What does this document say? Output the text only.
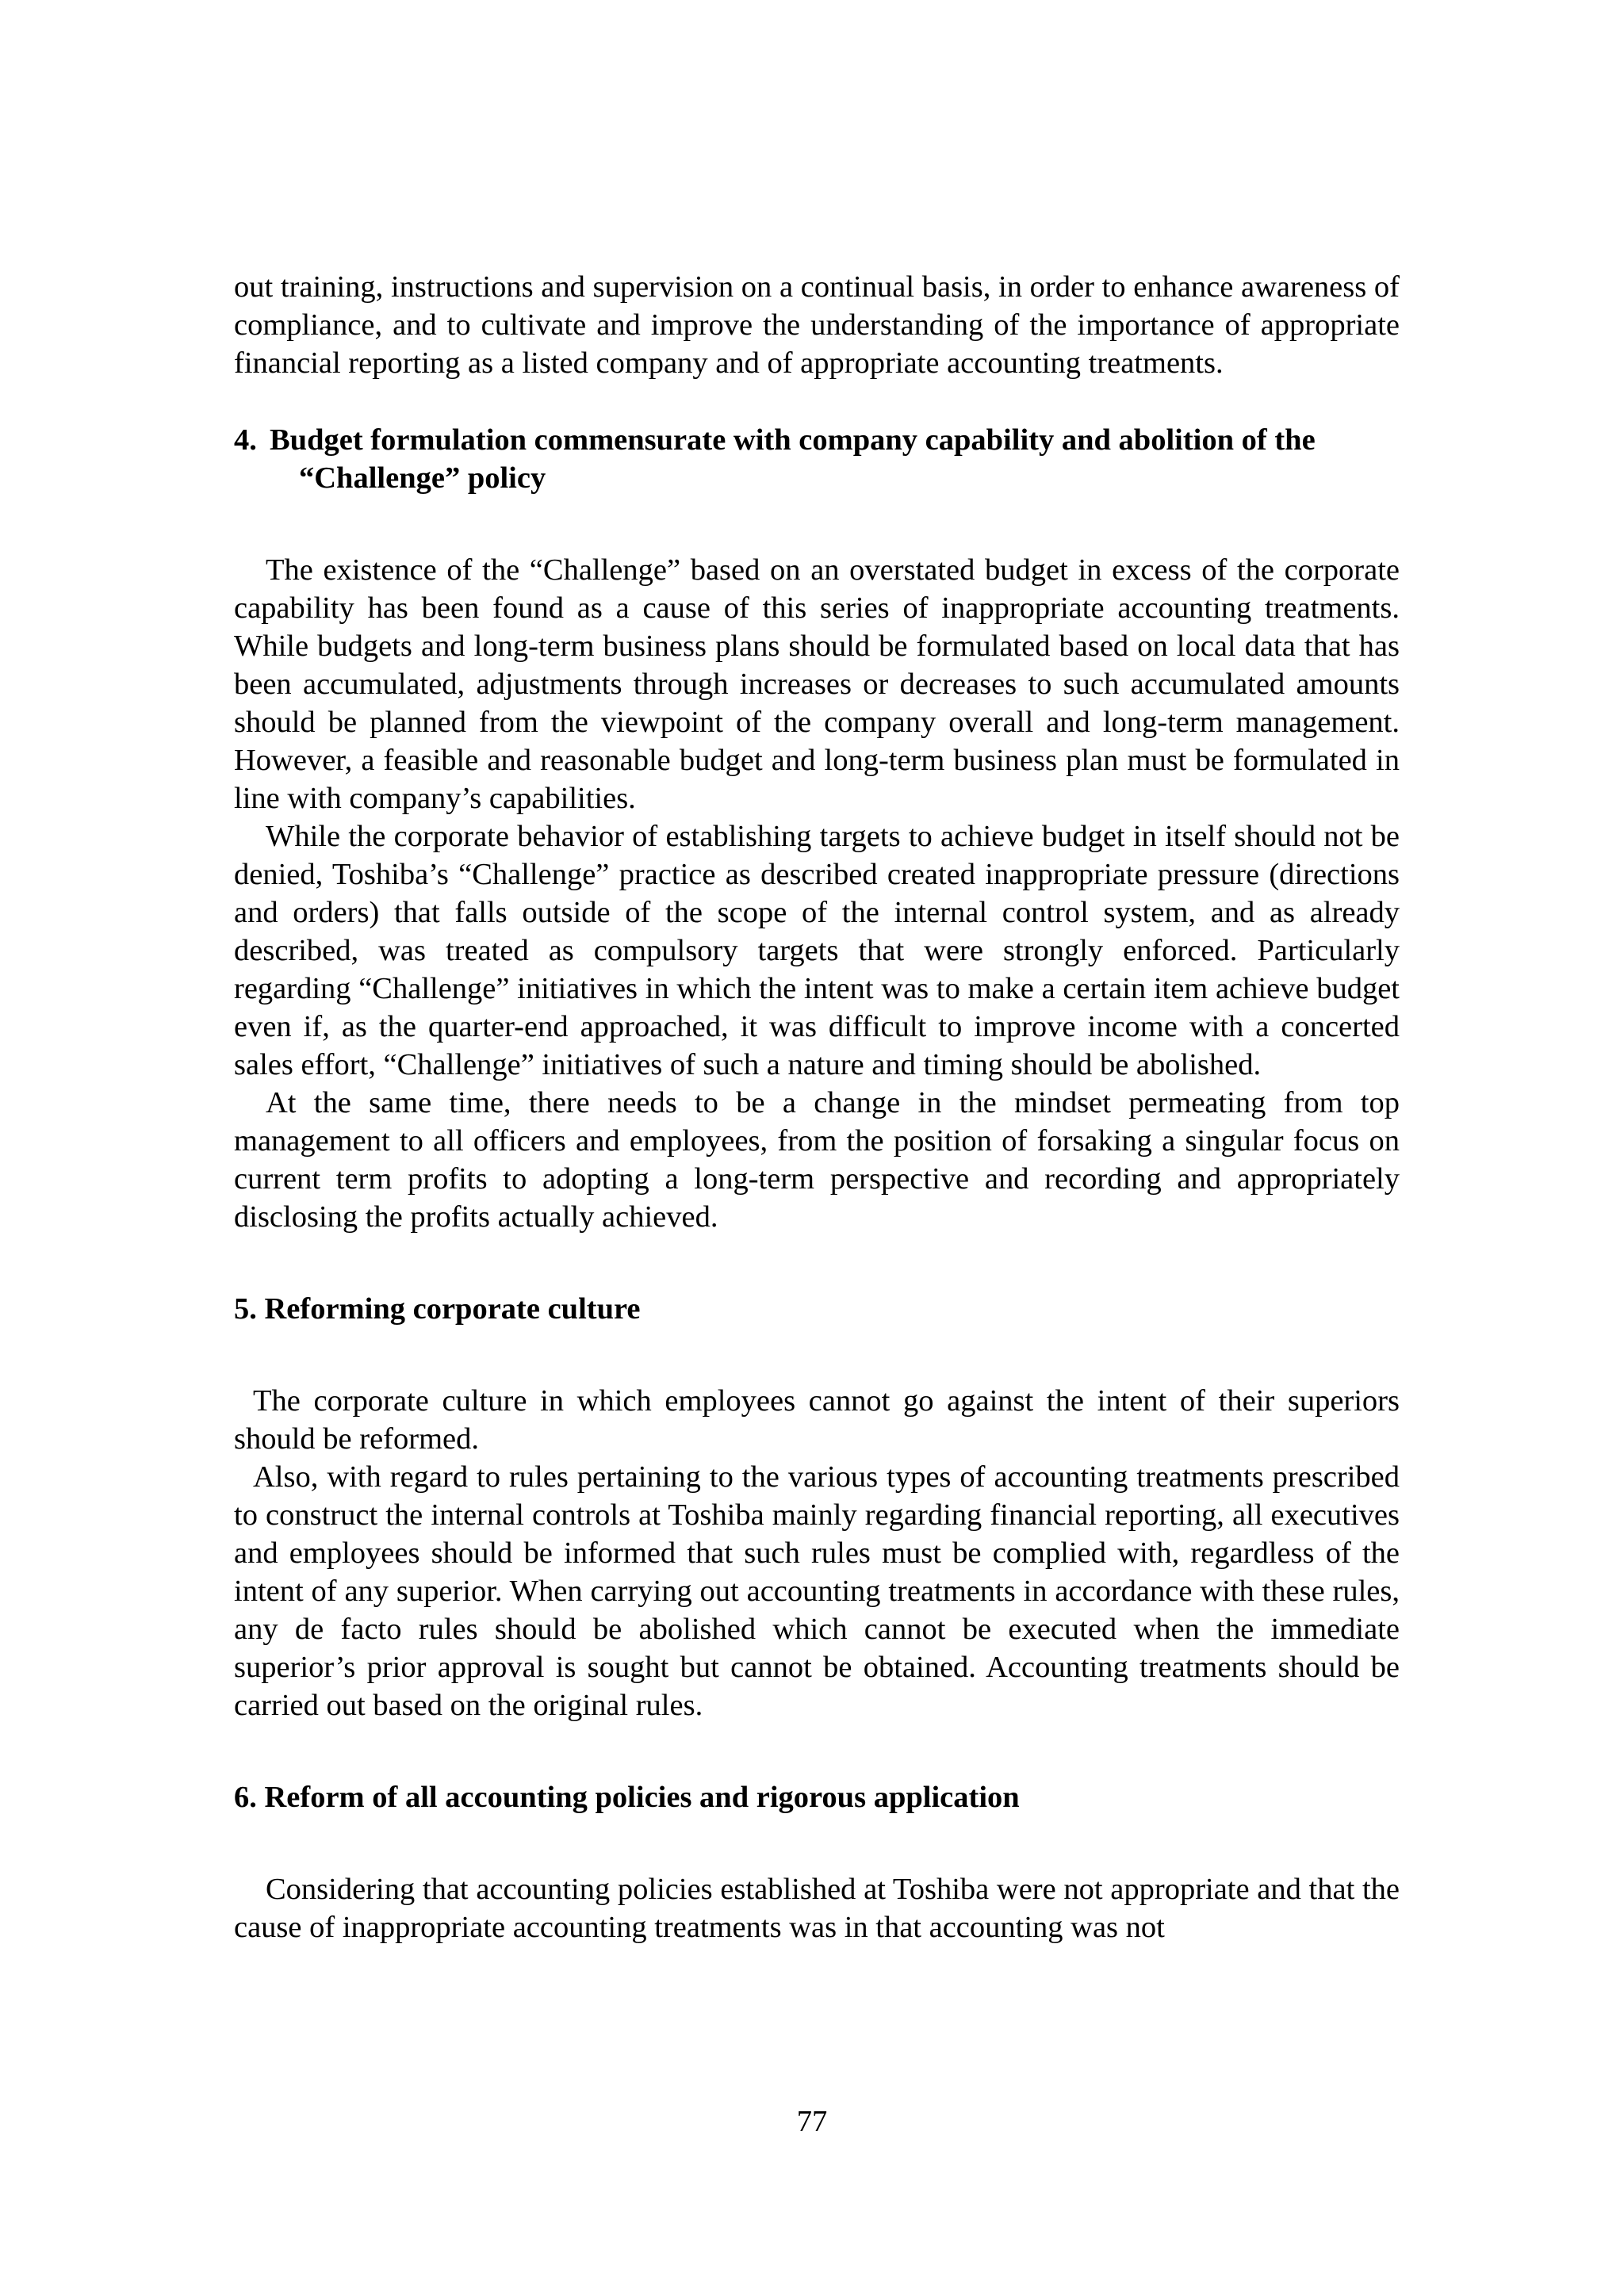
out training, instructions and supervision on a continual basis, in order to enhance awareness of compliance, and to cultivate and improve the understanding of the importance of appropriate financial reporting as a listed company and of appropriate accounting treatments.

4. Budget formulation commensurate with company capability and abolition of the
“Challenge” policy

The existence of the “Challenge” based on an overstated budget in excess of the corporate capability has been found as a cause of this series of inappropriate accounting treatments. While budgets and long-term business plans should be formulated based on local data that has been accumulated, adjustments through increases or decreases to such accumulated amounts should be planned from the viewpoint of the company overall and long-term management. However, a feasible and reasonable budget and long-term business plan must be formulated in line with company’s capabilities.

While the corporate behavior of establishing targets to achieve budget in itself should not be denied, Toshiba’s “Challenge” practice as described created inappropriate pressure (directions and orders) that falls outside of the scope of the internal control system, and as already described, was treated as compulsory targets that were strongly enforced. Particularly regarding “Challenge” initiatives in which the intent was to make a certain item achieve budget even if, as the quarter-end approached, it was difficult to improve income with a concerted sales effort, “Challenge” initiatives of such a nature and timing should be abolished.

At the same time, there needs to be a change in the mindset permeating from top management to all officers and employees, from the position of forsaking a singular focus on current term profits to adopting a long-term perspective and recording and appropriately disclosing the profits actually achieved.

5. Reforming corporate culture

The corporate culture in which employees cannot go against the intent of their superiors should be reformed.

Also, with regard to rules pertaining to the various types of accounting treatments prescribed to construct the internal controls at Toshiba mainly regarding financial reporting, all executives and employees should be informed that such rules must be complied with, regardless of the intent of any superior. When carrying out accounting treatments in accordance with these rules, any de facto rules should be abolished which cannot be executed when the immediate superior’s prior approval is sought but cannot be obtained. Accounting treatments should be carried out based on the original rules.

6. Reform of all accounting policies and rigorous application

Considering that accounting policies established at Toshiba were not appropriate and that the cause of inappropriate accounting treatments was in that accounting was not

77
